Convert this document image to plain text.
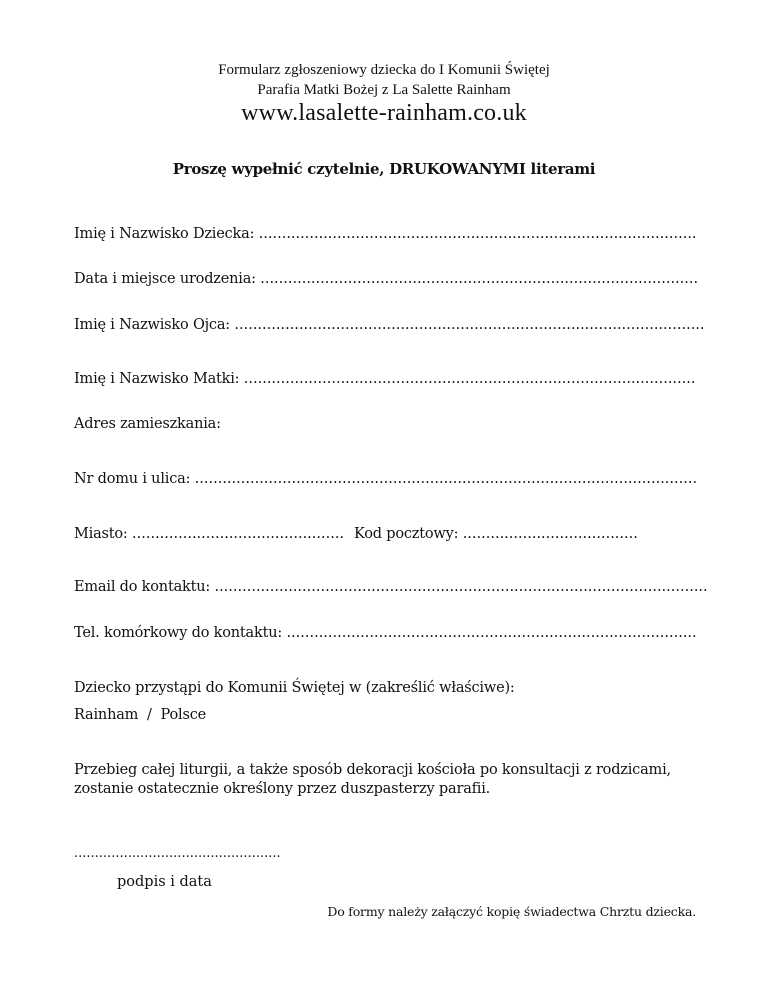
Formularz zgłoszeniowy dziecka do I Komunii Świętej
Parafia Matki Bożej z La Salette Rainham
www.lasalette-rainham.co.uk
Proszę wypełnić czytelnie, DRUKOWANYMI literami
Imię i Nazwisko Dziecka: ...............................................................................................
Data i miejsce urodzenia: ...............................................................................................
Imię i Nazwisko Ojca: ......................................................................................................
Imię i Nazwisko Matki: ..................................................................................................
Adres zamieszkania:
Nr domu i ulica: .............................................................................................................
Miasto: .............................................. Kod pocztowy: ......................................
Email do kontaktu: ...........................................................................................................
Tel. komórkowy do kontaktu: .........................................................................................
Dziecko przystąpi do Komunii Świętej w (zakreślić właściwe):
Rainham  /  Polsce
Przebieg całej liturgii, a także sposób dekoracji kościoła po konsultacji z rodzicami, zostanie ostatecznie określony przez duszpasterzy parafii.
..................................................
podpis i data
Do formy należy załączyć kopię świadectwa Chrztu dziecka.
